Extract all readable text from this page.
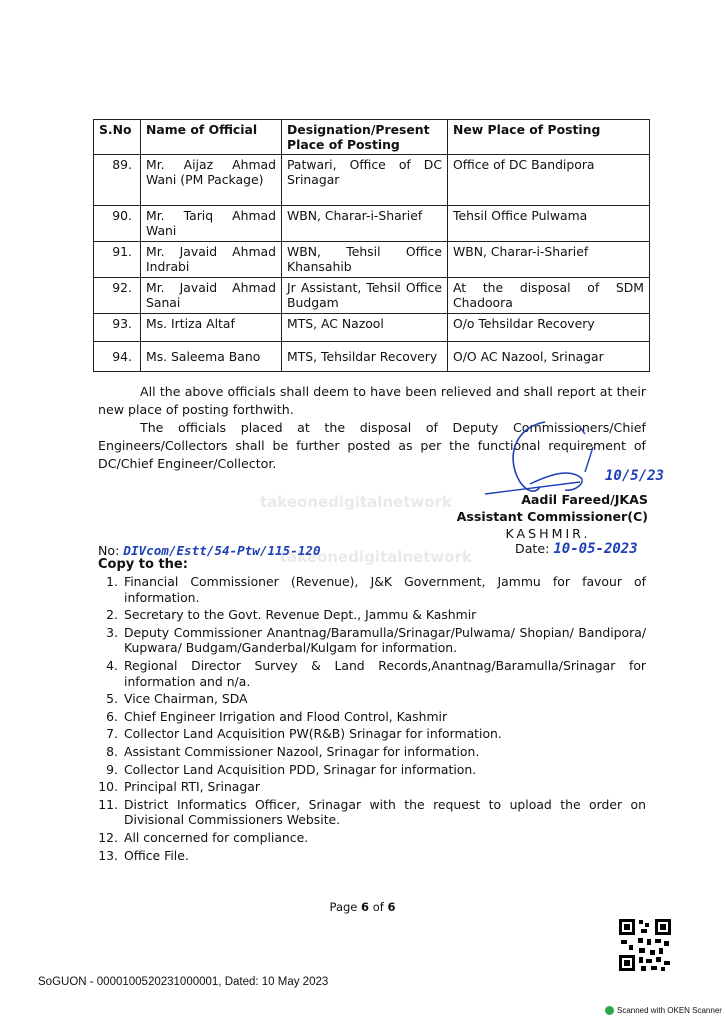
takeonedigitalnetwork
takeonedigitalnetwork
S.No	Name of Official	Designation/Present Place of Posting	New Place of Posting
89.	Mr. Aijaz Ahmad Wani (PM Package)	Patwari, Office of DC Srinagar	Office of DC Bandipora
90.	Mr. Tariq Ahmad Wani	WBN, Charar-i-Sharief	Tehsil Office Pulwama
91.	Mr. Javaid Ahmad Indrabi	WBN, Tehsil Office Khansahib	WBN, Charar-i-Sharief
92.	Mr. Javaid Ahmad Sanai	Jr Assistant, Tehsil Office Budgam	At the disposal of SDM Chadoora
93.	Ms. Irtiza Altaf	MTS, AC Nazool	O/o Tehsildar Recovery
94.	Ms. Saleema Bano	MTS, Tehsildar Recovery	O/O AC Nazool, Srinagar
All the above officials shall deem to have been relieved and shall report at their new place of posting forthwith.
The officials placed at the disposal of Deputy Commissioners/Chief Engineers/Collectors shall be further posted as per the functional requirement of DC/Chief Engineer/Collector.
10/5/23
Aadil Fareed/JKAS
Assistant Commissioner(C)
KASHMIR.
No: DIVcom/Estt/54-Ptw/115-120	Date: 10-05-2023
Copy to the:
1. Financial Commissioner (Revenue), J&K Government, Jammu for favour of information.
2. Secretary to the Govt. Revenue Dept., Jammu & Kashmir
3. Deputy Commissioner Anantnag/Baramulla/Srinagar/Pulwama/ Shopian/ Bandipora/ Kupwara/ Budgam/Ganderbal/Kulgam for information.
4. Regional Director Survey & Land Records,Anantnag/Baramulla/Srinagar for information and n/a.
5. Vice Chairman, SDA
6. Chief Engineer Irrigation and Flood Control, Kashmir
7. Collector Land Acquisition PW(R&B) Srinagar for information.
8. Assistant Commissioner Nazool, Srinagar for information.
9. Collector Land Acquisition PDD, Srinagar for information.
10. Principal RTI, Srinagar
11. District Informatics Officer, Srinagar with the request to upload the order on Divisional Commissioners Website.
12. All concerned for compliance.
13. Office File.
Page 6 of 6
SoGUON - 0000100520231000001, Dated: 10 May 2023
Scanned with OKEN Scanner
